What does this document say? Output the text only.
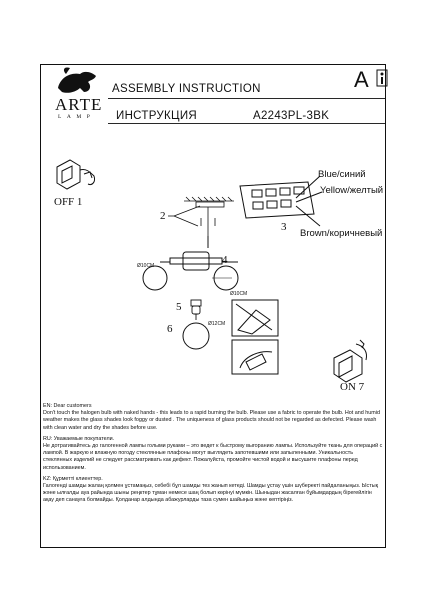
ARTE
LAMP
ASSEMBLY INSTRUCTION
ИНСТРУКЦИЯ	A2243PL-3BK
A
OFF 1
ON 7
2
3
4
5
6
Ø10CM
Ø10CM
Ø12CM
Blue/синий
Yellow/желтый
Brown/коричневый

EN: Dear customers
Don't touch the halogen bulb with naked hands - this leads to a rapid burning the bulb. Please use a fabric to operate the bulb. Hot and humid weather makes the glass shades look foggy or dusted . The uniqueness of glass products should not be regarded as defected. Please wash with clean water and dry the shades before use.

RU: Уважаемые покупатели.
Не дотрагивайтесь до галогенной лампы голыми руками – это ведет к быстрому выгоранию лампы. Используйте ткань для операций с лампой. В жаркую и влажную погоду стеклянные плафоны могут выглядеть запотевшими или запыленными. Уникальность стеклянных изделий не следует рассматривать как дефект. Пожалуйста, промойте чистой водой и высушите плафоны перед использованием.

KZ: Құрметті клиенттер.
Галогенді шамды жалаң қолмен ұстамаңыз, себебі бұл шамды тез жанып кетеді. Шамды ұстау үшін шүберекті пайдаланыңыз. Ыстық және ылғалды ауа райында шыны реңктер тұман немесе шаң болып көрінуі мүмкін. Шыныдан жасалған бұйымдардың бірегейлігін ақау деп санауға болмайды. Қолданар алдында абажурларды таза сумен шайыңыз және кептіріңіз.
